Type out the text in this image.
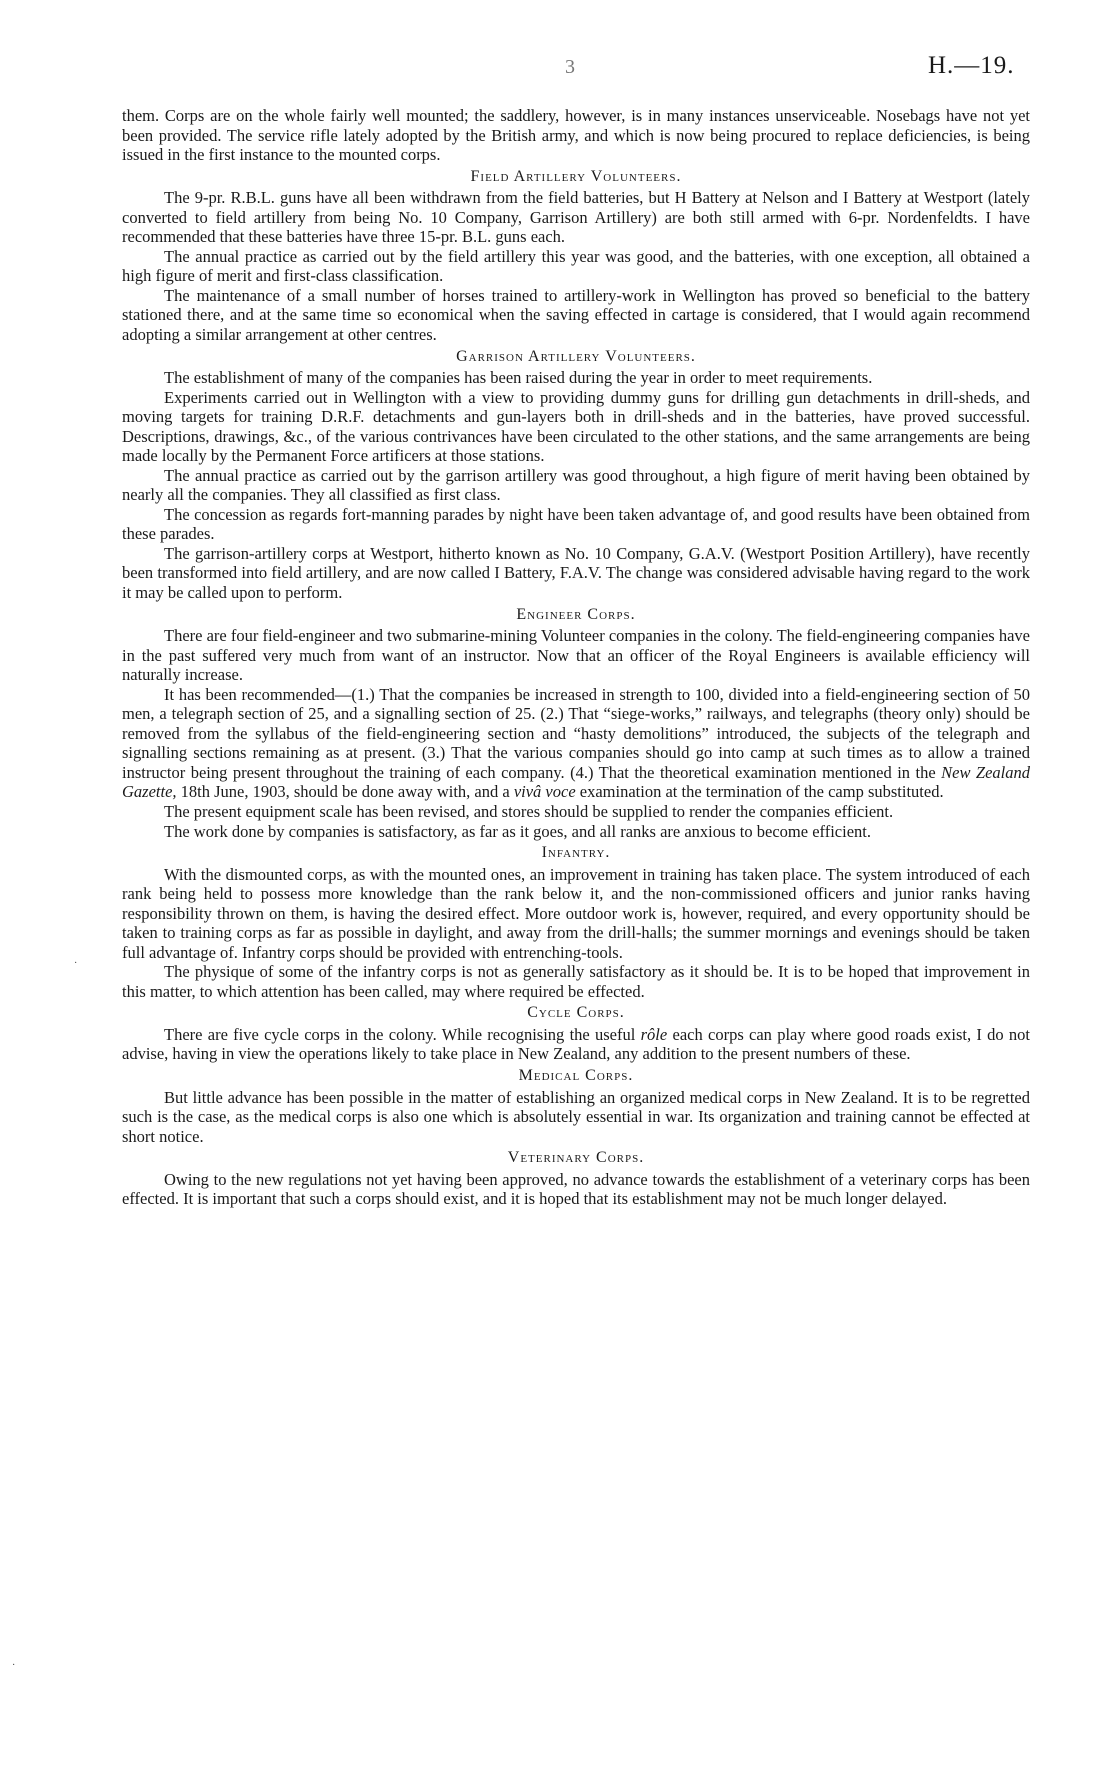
3	H.—19.
·
·

them. Corps are on the whole fairly well mounted; the saddlery, however, is in many instances unserviceable. Nosebags have not yet been provided. The service rifle lately adopted by the British army, and which is now being procured to replace deficiencies, is being issued in the first instance to the mounted corps.

Field Artillery Volunteers.

The 9-pr. R.B.L. guns have all been withdrawn from the field batteries, but H Battery at Nelson and I Battery at Westport (lately converted to field artillery from being No. 10 Company, Garrison Artillery) are both still armed with 6-pr. Nordenfeldts. I have recommended that these batteries have three 15-pr. B.L. guns each.

The annual practice as carried out by the field artillery this year was good, and the batteries, with one exception, all obtained a high figure of merit and first-class classification.

The maintenance of a small number of horses trained to artillery-work in Wellington has proved so beneficial to the battery stationed there, and at the same time so economical when the saving effected in cartage is considered, that I would again recommend adopting a similar arrangement at other centres.

Garrison Artillery Volunteers.

The establishment of many of the companies has been raised during the year in order to meet requirements.

Experiments carried out in Wellington with a view to providing dummy guns for drilling gun detachments in drill-sheds, and moving targets for training D.R.F. detachments and gun-layers both in drill-sheds and in the batteries, have proved successful. Descriptions, drawings, &c., of the various contrivances have been circulated to the other stations, and the same arrangements are being made locally by the Permanent Force artificers at those stations.

The annual practice as carried out by the garrison artillery was good throughout, a high figure of merit having been obtained by nearly all the companies. They all classified as first class.

The concession as regards fort-manning parades by night have been taken advantage of, and good results have been obtained from these parades.

The garrison-artillery corps at Westport, hitherto known as No. 10 Company, G.A.V. (Westport Position Artillery), have recently been transformed into field artillery, and are now called I Battery, F.A.V. The change was considered advisable having regard to the work it may be called upon to perform.

Engineer Corps.

There are four field-engineer and two submarine-mining Volunteer companies in the colony. The field-engineering companies have in the past suffered very much from want of an instructor. Now that an officer of the Royal Engineers is available efficiency will naturally increase.

It has been recommended—(1.) That the companies be increased in strength to 100, divided into a field-engineering section of 50 men, a telegraph section of 25, and a signalling section of 25. (2.) That “siege-works,” railways, and telegraphs (theory only) should be removed from the syllabus of the field-engineering section and “hasty demolitions” introduced, the subjects of the telegraph and signalling sections remaining as at present. (3.) That the various companies should go into camp at such times as to allow a trained instructor being present throughout the training of each company. (4.) That the theoretical examination mentioned in the New Zealand Gazette, 18th June, 1903, should be done away with, and a vivâ voce examination at the termination of the camp substituted.

The present equipment scale has been revised, and stores should be supplied to render the companies efficient.

The work done by companies is satisfactory, as far as it goes, and all ranks are anxious to become efficient.

Infantry.

With the dismounted corps, as with the mounted ones, an improvement in training has taken place. The system introduced of each rank being held to possess more knowledge than the rank below it, and the non-commissioned officers and junior ranks having responsibility thrown on them, is having the desired effect. More outdoor work is, however, required, and every opportunity should be taken to training corps as far as possible in daylight, and away from the drill-halls; the summer mornings and evenings should be taken full advantage of. Infantry corps should be provided with entrenching-tools.

The physique of some of the infantry corps is not as generally satisfactory as it should be. It is to be hoped that improvement in this matter, to which attention has been called, may where required be effected.

Cycle Corps.

There are five cycle corps in the colony. While recognising the useful rôle each corps can play where good roads exist, I do not advise, having in view the operations likely to take place in New Zealand, any addition to the present numbers of these.

Medical Corps.

But little advance has been possible in the matter of establishing an organized medical corps in New Zealand. It is to be regretted such is the case, as the medical corps is also one which is absolutely essential in war. Its organization and training cannot be effected at short notice.

Veterinary Corps.

Owing to the new regulations not yet having been approved, no advance towards the establishment of a veterinary corps has been effected. It is important that such a corps should exist, and it is hoped that its establishment may not be much longer delayed.
